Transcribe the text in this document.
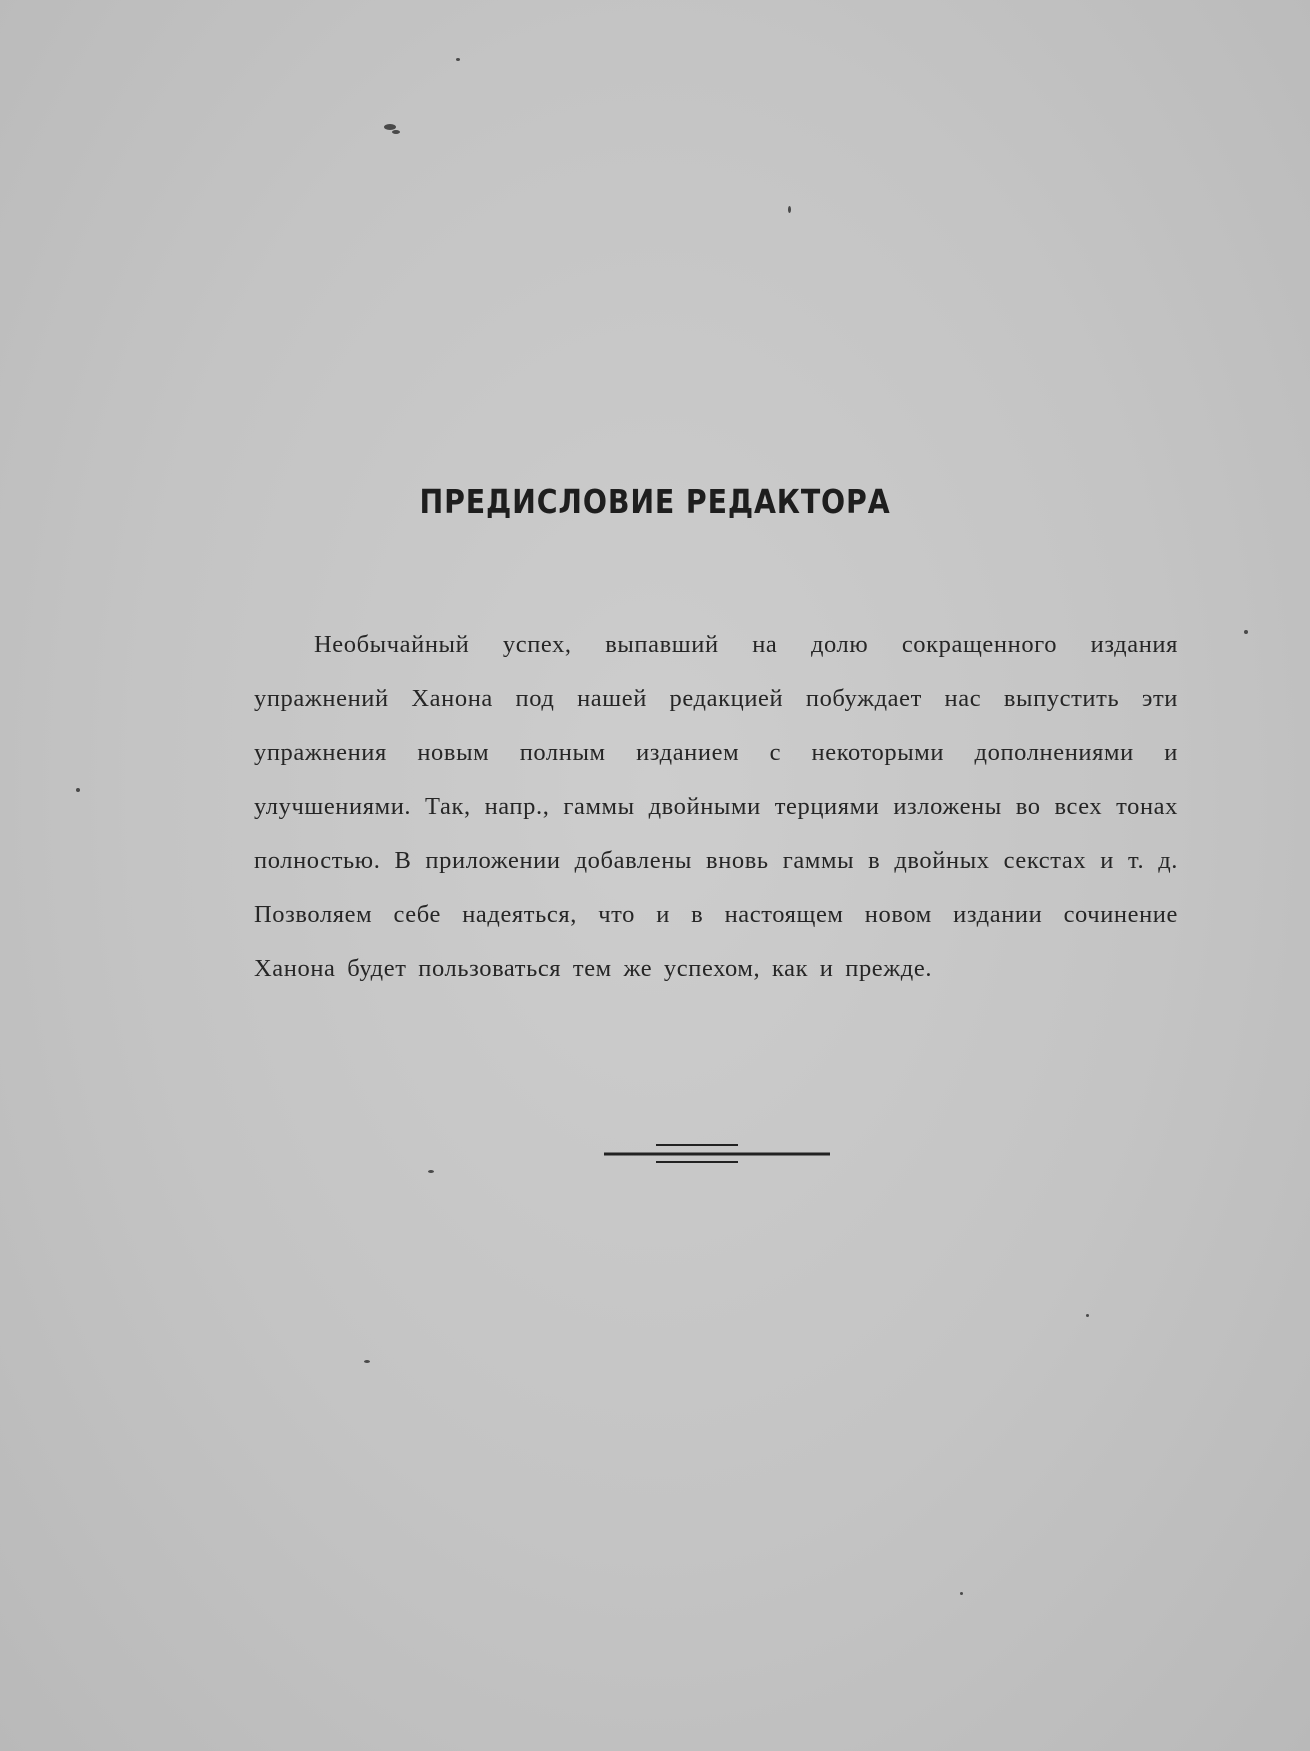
ПРЕДИСЛОВИЕ РЕДАКТОРА

Необычайный успех, выпавший на долю сокращенного издания упражнений Ханона под нашей редакцией побуждает нас выпустить эти упражнения новым полным изданием с некоторыми дополнениями и улучшениями. Так, напр., гаммы двойными терциями изложены во всех тонах полностью. В приложении добавлены вновь гаммы в двойных секстах и т. д. Позволяем себе надеяться, что и в настоящем новом издании сочинение Ханона будет пользоваться тем же успехом, как и прежде.
